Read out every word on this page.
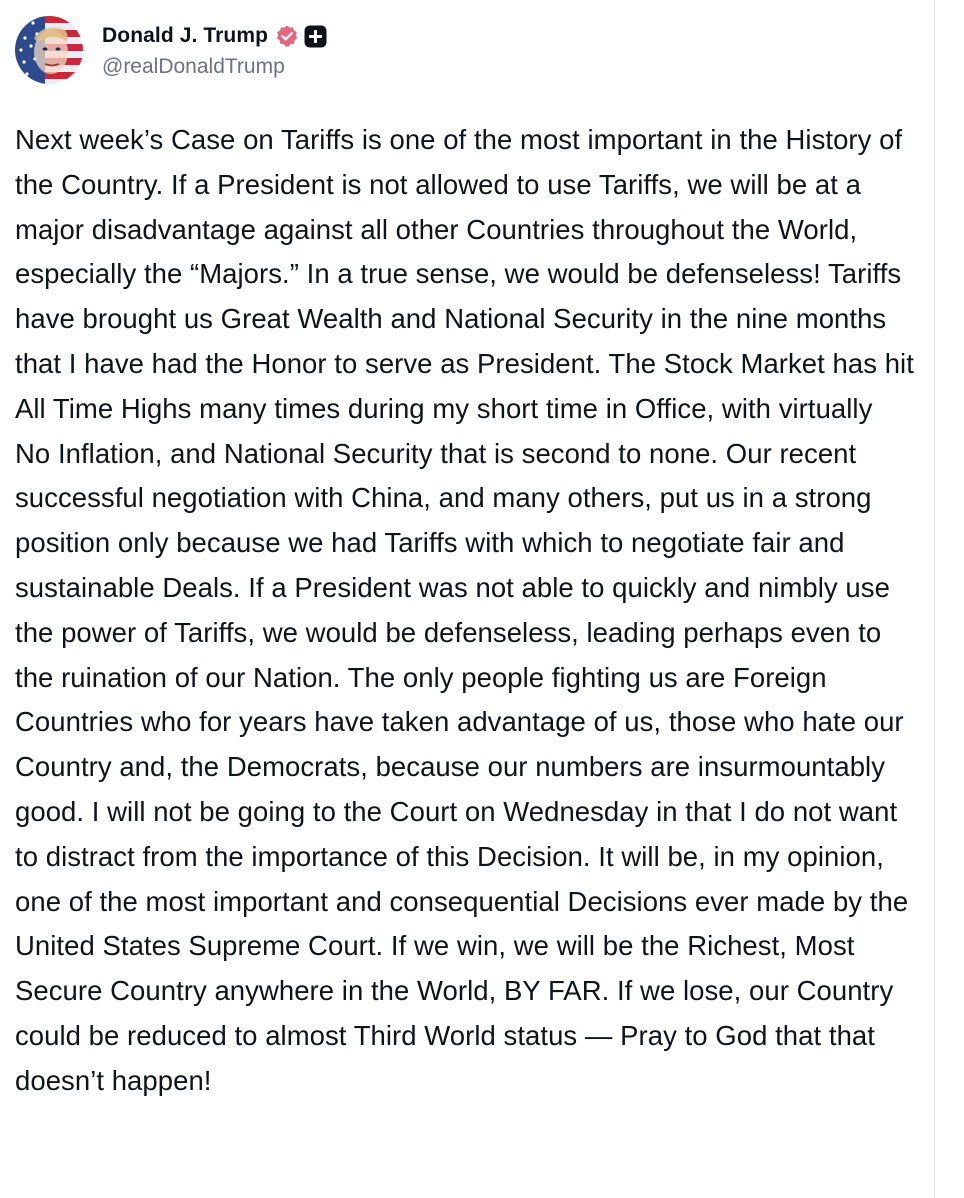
Donald J. Trump
@realDonaldTrump
Next week’s Case on Tariffs is one of the most important in the History of the Country. If a President is not allowed to use Tariffs, we will be at a major disadvantage against all other Countries throughout the World, especially the “Majors.” In a true sense, we would be defenseless! Tariffs have brought us Great Wealth and National Security in the nine months that I have had the Honor to serve as President. The Stock Market has hit All Time Highs many times during my short time in Office, with virtually No Inflation, and National Security that is second to none. Our recent successful negotiation with China, and many others, put us in a strong position only because we had Tariffs with which to negotiate fair and sustainable Deals. If a President was not able to quickly and nimbly use the power of Tariffs, we would be defenseless, leading perhaps even to the ruination of our Nation. The only people fighting us are Foreign Countries who for years have taken advantage of us, those who hate our Country and, the Democrats, because our numbers are insurmountably good. I will not be going to the Court on Wednesday in that I do not want to distract from the importance of this Decision. It will be, in my opinion, one of the most important and consequential Decisions ever made by the United States Supreme Court. If we win, we will be the Richest, Most Secure Country anywhere in the World, BY FAR. If we lose, our Country could be reduced to almost Third World status — Pray to God that that doesn’t happen!
